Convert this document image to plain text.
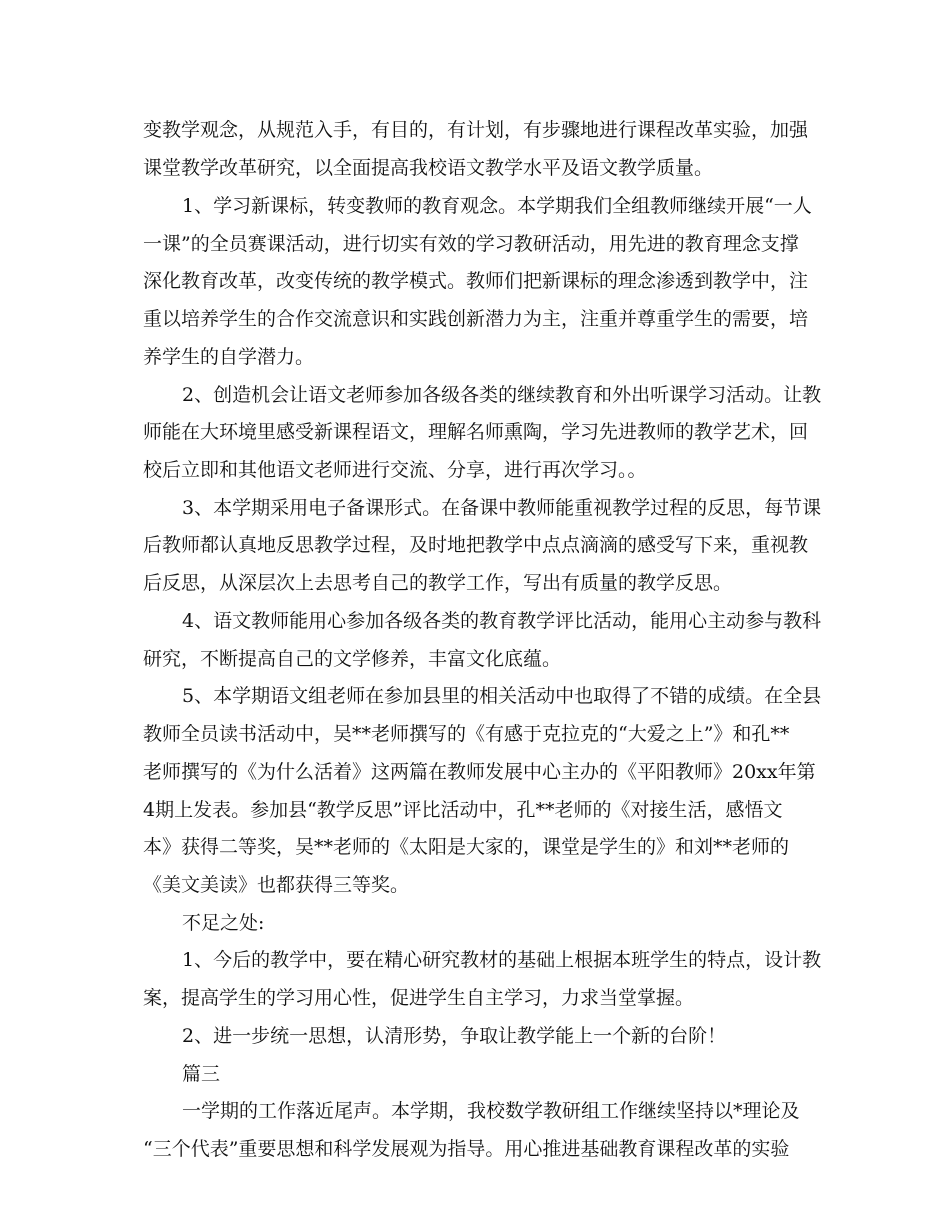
变教学观念，从规范入手，有目的，有计划，有步骤地进行课程改革实验，加强
课堂教学改革研究，以全面提高我校语文教学水平及语文教学质量。
1、学习新课标，转变教师的教育观念。本学期我们全组教师继续开展“一人
一课”的全员赛课活动，进行切实有效的学习教研活动，用先进的教育理念支撑
深化教育改革，改变传统的教学模式。教师们把新课标的理念渗透到教学中，注
重以培养学生的合作交流意识和实践创新潜力为主，注重并尊重学生的需要，培
养学生的自学潜力。
2、创造机会让语文老师参加各级各类的继续教育和外出听课学习活动。让教
师能在大环境里感受新课程语文，理解名师熏陶，学习先进教师的教学艺术，回
校后立即和其他语文老师进行交流、分享，进行再次学习。。
3、本学期采用电子备课形式。在备课中教师能重视教学过程的反思，每节课
后教师都认真地反思教学过程，及时地把教学中点点滴滴的感受写下来，重视教
后反思，从深层次上去思考自己的教学工作，写出有质量的教学反思。
4、语文教师能用心参加各级各类的教育教学评比活动，能用心主动参与教科
研究，不断提高自己的文学修养，丰富文化底蕴。
5、本学期语文组老师在参加县里的相关活动中也取得了不错的成绩。在全县
教师全员读书活动中，吴**老师撰写的《有感于克拉克的“大爱之上”》和孔**
老师撰写的《为什么活着》这两篇在教师发展中心主办的《平阳教师》20xx年第
4期上发表。参加县“教学反思”评比活动中，孔**老师的《对接生活，感悟文
本》获得二等奖，吴**老师的《太阳是大家的，课堂是学生的》和刘**老师的
《美文美读》也都获得三等奖。
不足之处:
1、今后的教学中，要在精心研究教材的基础上根据本班学生的特点，设计教
案，提高学生的学习用心性，促进学生自主学习，力求当堂掌握。
2、进一步统一思想，认清形势，争取让教学能上一个新的台阶！
篇三
一学期的工作落近尾声。本学期，我校数学教研组工作继续坚持以*理论及
“三个代表”重要思想和科学发展观为指导。用心推进基础教育课程改革的实验
